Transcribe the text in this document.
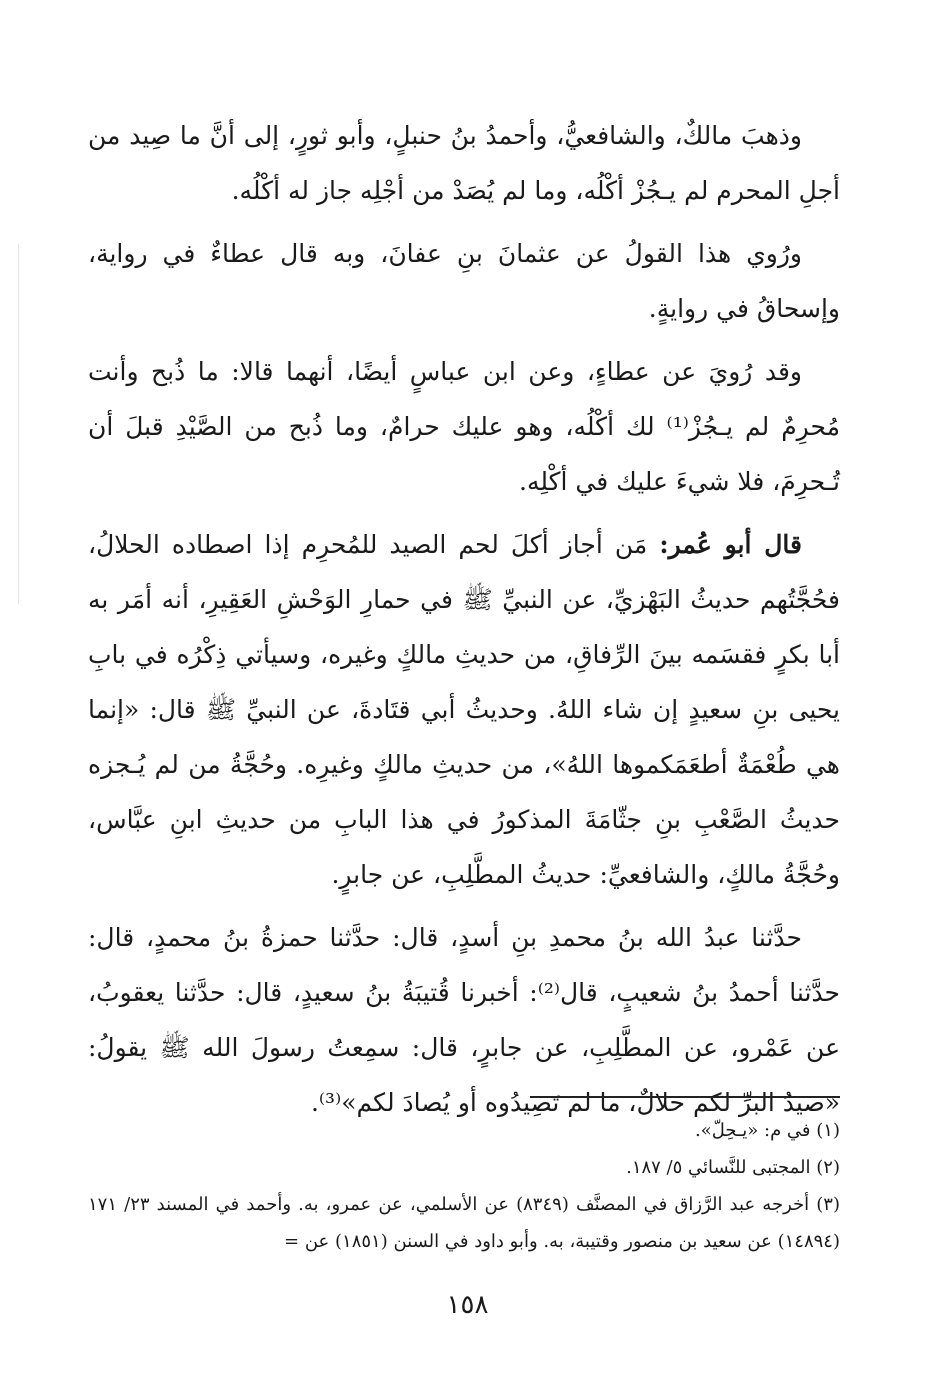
وذهبَ مالكٌ، والشافعيُّ، وأحمدُ بنُ حنبلٍ، وأبو ثورٍ، إلى أنَّ ما صِيد من أجلِ المحرم لم يـجُزْ أكْلُه، وما لم يُصَدْ من أجْلِه جاز له أكْلُه.

ورُوي هذا القولُ عن عثمانَ بنِ عفانَ، وبه قال عطاءٌ في رواية، وإسحاقُ في روايةٍ.

وقد رُويَ عن عطاءٍ، وعن ابن عباسٍ أيضًا، أنهما قالا: ما ذُبح وأنت مُحرِمٌ لم يـجُزْ⁽¹⁾ لك أكْلُه، وهو عليك حرامٌ، وما ذُبح من الصَّيْدِ قبلَ أن تُـحرِمَ، فلا شيءَ عليك في أكْلِه.

قال أبو عُمر: مَن أجاز أكلَ لحم الصيد للمُحرِم إذا اصطاده الحلالُ، فحُجَّتُهم حديثُ البَهْزيِّ، عن النبيِّ ﷺ في حمارِ الوَحْشِ العَقِيرِ، أنه أمَر به أبا بكرٍ فقسَمه بينَ الرِّفاقِ، من حديثِ مالكٍ وغيره، وسيأتي ذِكْرُه في بابِ يحيى بنِ سعيدٍ إن شاء اللهُ. وحديثُ أبي قتَادةَ، عن النبيِّ ﷺ قال: «إنما هي طُعْمَةٌ أطعَمَكموها اللهُ»، من حديثِ مالكٍ وغيرِه. وحُجَّةُ من لم يُـجزه حديثُ الصَّعْبِ بنِ جثّامَةَ المذكورُ في هذا البابِ من حديثِ ابنِ عبَّاس، وحُجَّةُ مالكٍ، والشافعيِّ: حديثُ المطَّلِبِ، عن جابرٍ.

حدَّثنا عبدُ الله بنُ محمدِ بنِ أسدٍ، قال: حدَّثنا حمزةُ بنُ محمدٍ، قال: حدَّثنا أحمدُ بنُ شعيبٍ، قال⁽²⁾: أخبرنا قُتيبَةُ بنُ سعيدٍ، قال: حدَّثنا يعقوبُ، عن عَمْرو، عن المطَّلِبِ، عن جابرٍ، قال: سمِعتُ رسولَ الله ﷺ يقولُ: «صيدُ البرِّ لكم حلالٌ، ما لم تَصِيدُوه أو يُصادَ لكم»⁽³⁾.

(١) في م: «يـحِلّ».

(٢) المجتبى للنَّسائي ٥/ ١٨٧.

(٣) أخرجه عبد الرَّزاق في المصنَّف (٨٣٤٩) عن الأسلمي، عن عمرو، به. وأحمد في المسند ٢٣/ ١٧١ (١٤٨٩٤) عن سعيد بن منصور وقتيبة، به. وأبو داود في السنن (١٨٥١) عن =

١٥٨
